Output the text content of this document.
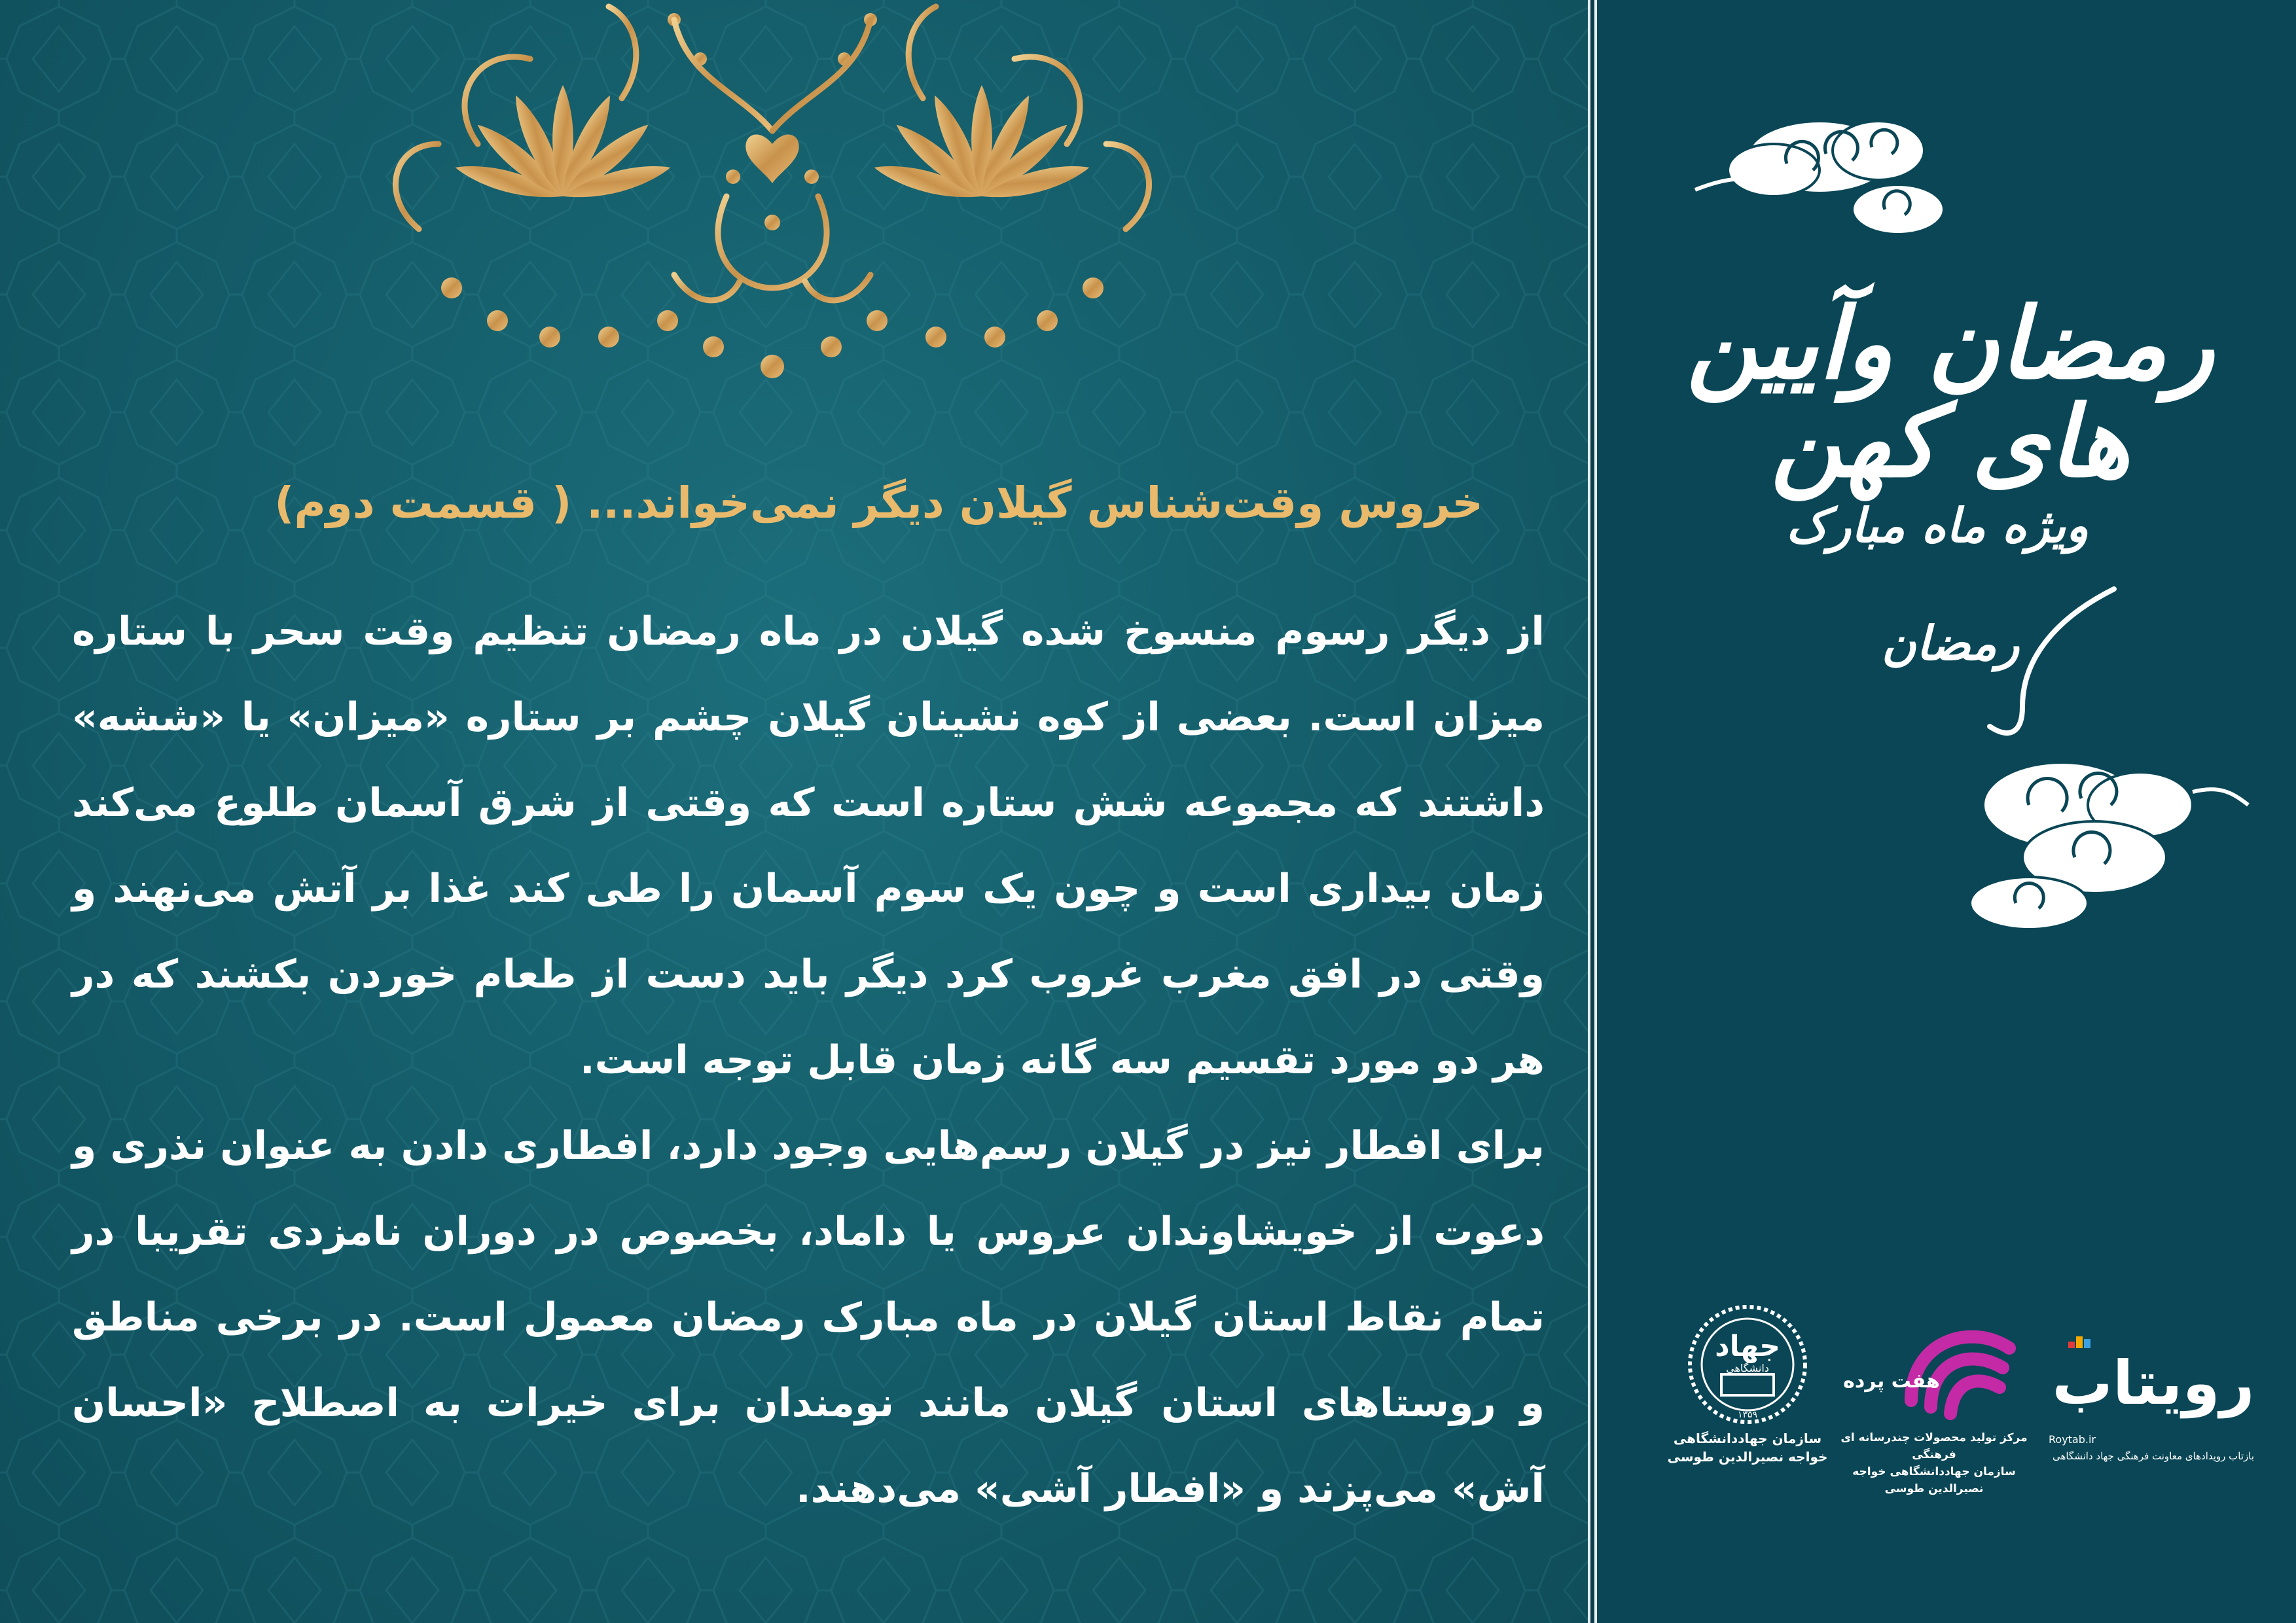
خروس وقت‌شناس گیلان دیگر نمی‌خواند... ( قسمت دوم)

از دیگر رسوم منسوخ شده گیلان در ماه رمضان تنظیم وقت سحر با ستاره میزان است. بعضی از کوه نشینان گیلان چشم بر ستاره «میزان» یا «ششه» داشتند که مجموعه شش ستاره است که وقتی از شرق آسمان طلوع می‌کند زمان بیداری است و چون یک سوم آسمان را طی کند غذا بر آتش می‌نهند و وقتی در افق مغرب غروب کرد دیگر باید دست از طعام خوردن بکشند که در هر دو مورد تقسیم سه گانه زمان قابل توجه است.

برای افطار نیز در گیلان رسم‌هایی وجود دارد، افطاری دادن به عنوان نذری و دعوت از خویشاوندان عروس یا داماد، بخصوص در دوران نامزدی تقریبا در تمام نقاط استان گیلان در ماه مبارک رمضان معمول است. در برخی مناطق و روستاهای استان گیلان مانند نومندان برای خیرات به اصطلاح «احسان آش» می‌پزند و «افطار آشی» می‌دهند.

رمضان وآیین های کهن
ویژه ماه مبارک
رمضان
جهاد
دانشگاهی
۱۳۵۹
سازمان جهاددانشگاهی
خواجه نصیرالدین طوسی
هفت پرده
مرکز تولید محصولات چندرسانه ای فرهنگی
سازمان جهاددانشگاهی خواجه نصیرالدین طوسی
رویتاب
Roytab.ir
بازتاب رویدادهای معاونت فرهنگی جهاد دانشگاهی
